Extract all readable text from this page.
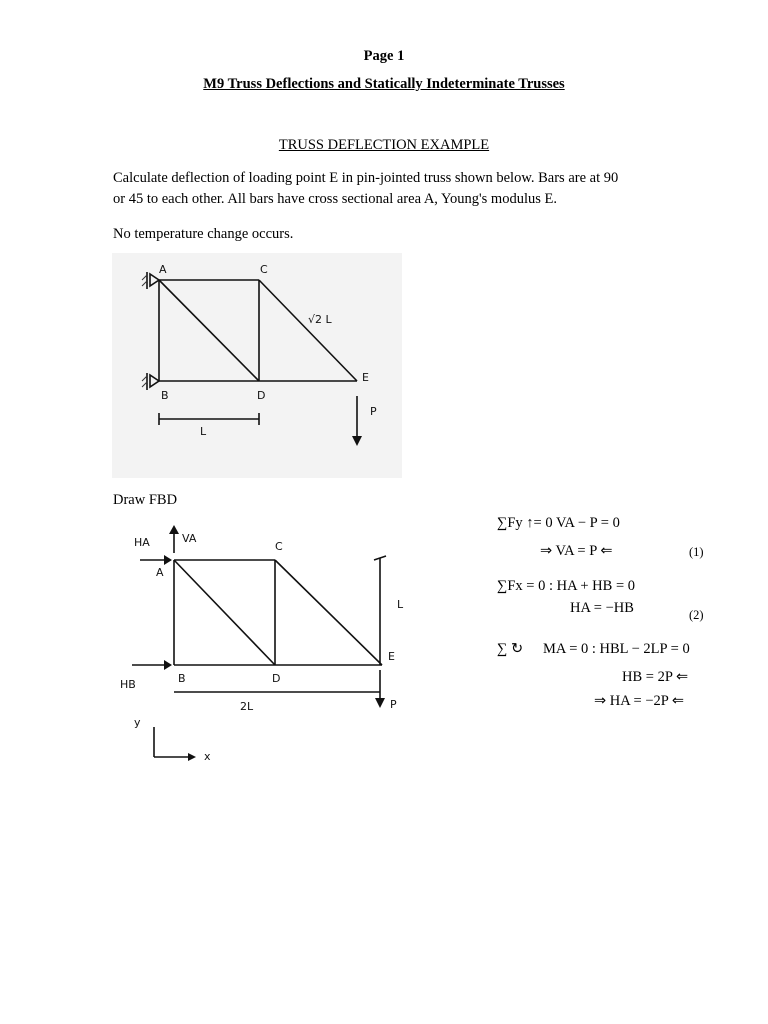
Page 1
M9 Truss Deflections and Statically Indeterminate Trusses
TRUSS DEFLECTION EXAMPLE
Calculate deflection of loading point E in pin-jointed truss shown below. Bars are at 90
or 45 to each other. All bars have cross sectional area A, Young's modulus E.
No temperature change occurs.
A	C
B	D
E
P
L
√2 L
Draw FBD
HA	VA
A
C
B	D
E
HB
P
L
2L
y
x
∑Fy ↑= 0 VA − P = 0
⇒ VA = P ⇐	(1)
∑Fx = 0 : HA + HB = 0
HA = −HB	(2)
∑ ↻ MA = 0 : HBL − 2LP = 0
HB = 2P ⇐
⇒ HA = −2P ⇐
